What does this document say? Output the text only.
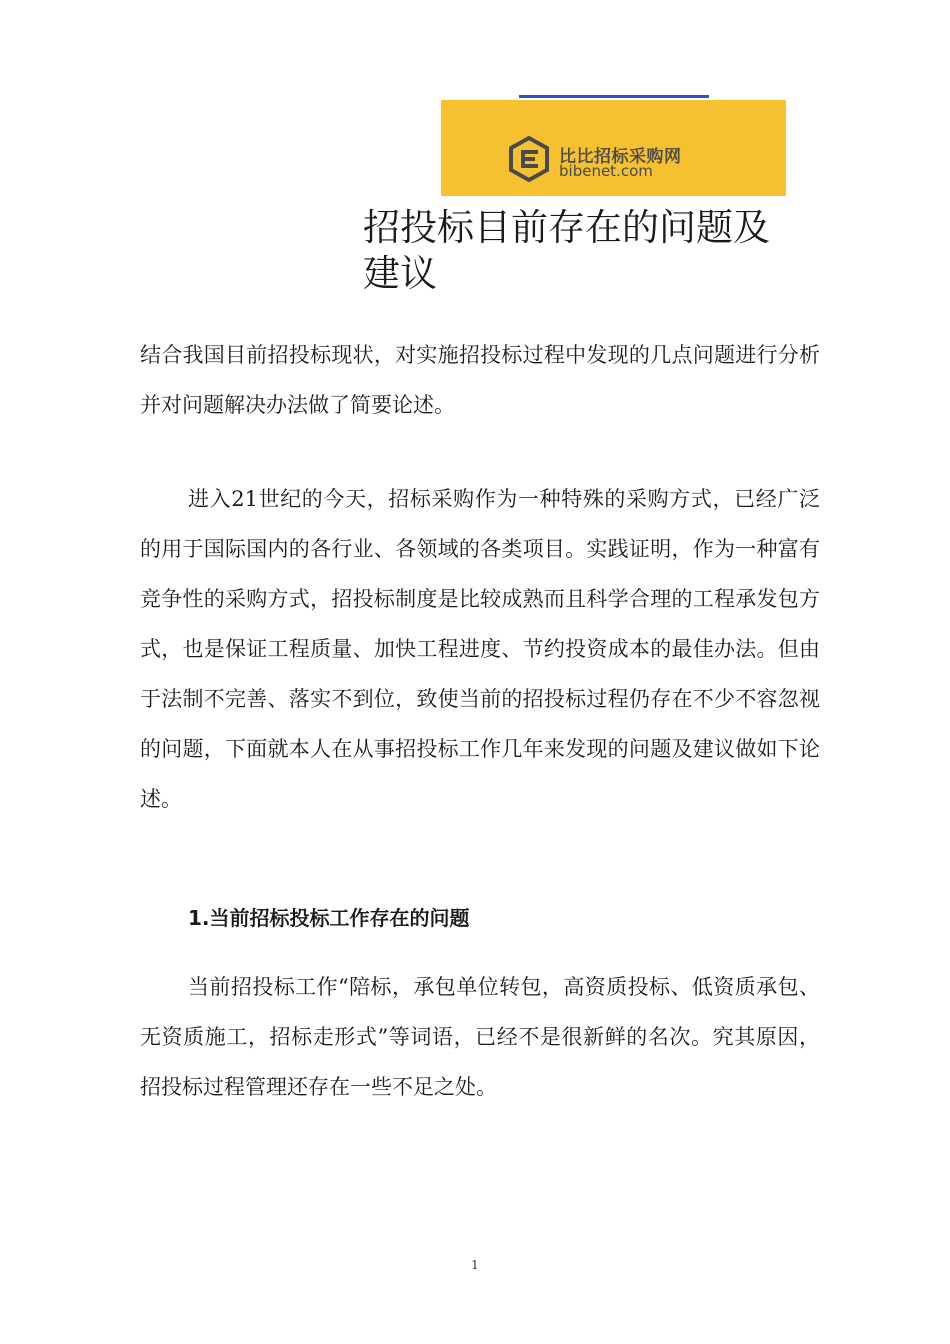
比比招标采购网
bibenet.com
招投标目前存在的问题及建议

结合我国目前招投标现状，对实施招投标过程中发现的几点问题进行分析并对问题解决办法做了简要论述。

进入21世纪的今天，招标采购作为一种特殊的采购方式，已经广泛的用于国际国内的各行业、各领域的各类项目。实践证明，作为一种富有竞争性的采购方式，招投标制度是比较成熟而且科学合理的工程承发包方式，也是保证工程质量、加快工程进度、节约投资成本的最佳办法。但由于法制不完善、落实不到位，致使当前的招投标过程仍存在不少不容忽视的问题，下面就本人在从事招投标工作几年来发现的问题及建议做如下论述。

1.当前招标投标工作存在的问题

当前招投标工作“陪标，承包单位转包，高资质投标、低资质承包、无资质施工，招标走形式”等词语，已经不是很新鲜的名次。究其原因，招投标过程管理还存在一些不足之处。

1
